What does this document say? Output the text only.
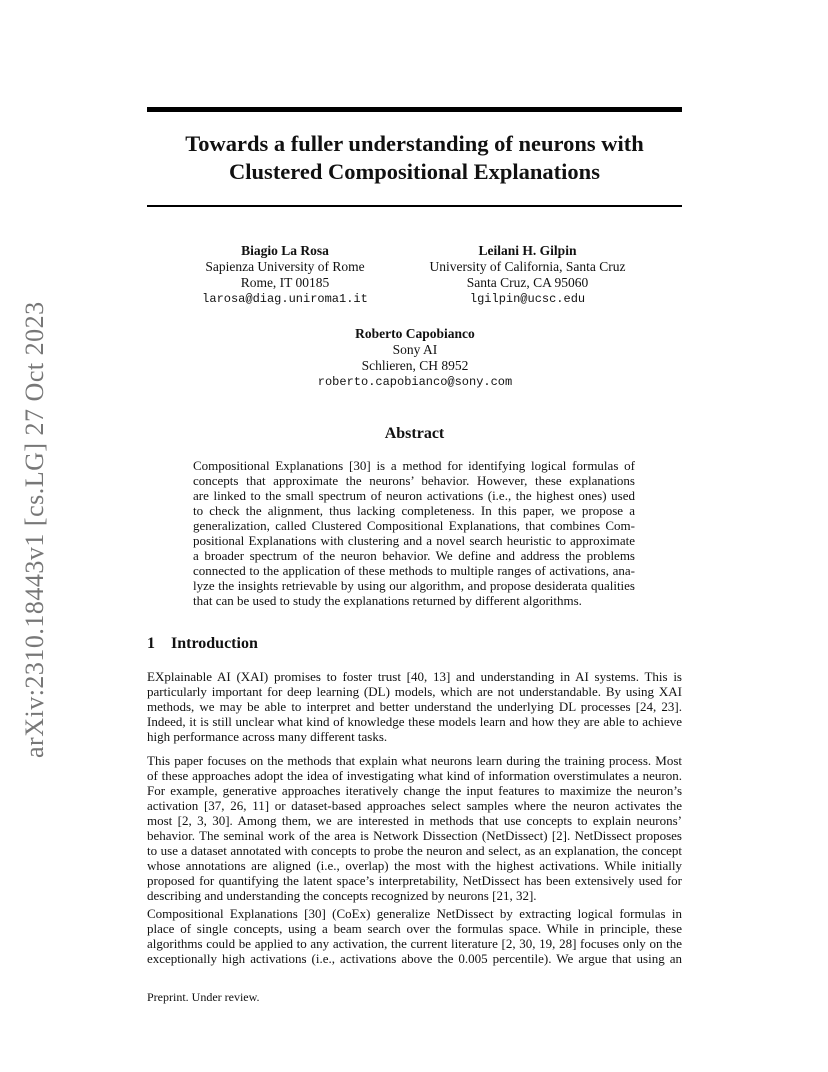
arXiv:2310.18443v1 [cs.LG] 27 Oct 2023
Towards a fuller understanding of neurons with
Clustered Compositional Explanations
Biagio La Rosa
Sapienza University of Rome
Rome, IT 00185
larosa@diag.uniroma1.it
Leilani H. Gilpin
University of California, Santa Cruz
Santa Cruz, CA 95060
lgilpin@ucsc.edu
Roberto Capobianco
Sony AI
Schlieren, CH 8952
roberto.capobianco@sony.com
Abstract
Compositional Explanations [30] is a method for identifying logical formulas of
concepts that approximate the neurons’ behavior. However, these explanations
are linked to the small spectrum of neuron activations (i.e., the highest ones) used
to check the alignment, thus lacking completeness. In this paper, we propose a
generalization, called Clustered Compositional Explanations, that combines Com-
positional Explanations with clustering and a novel search heuristic to approximate
a broader spectrum of the neuron behavior. We define and address the problems
connected to the application of these methods to multiple ranges of activations, ana-
lyze the insights retrievable by using our algorithm, and propose desiderata qualities
that can be used to study the explanations returned by different algorithms.
1 Introduction
EXplainable AI (XAI) promises to foster trust [40, 13] and understanding in AI systems. This is
particularly important for deep learning (DL) models, which are not understandable. By using XAI
methods, we may be able to interpret and better understand the underlying DL processes [24, 23].
Indeed, it is still unclear what kind of knowledge these models learn and how they are able to achieve
high performance across many different tasks.
This paper focuses on the methods that explain what neurons learn during the training process. Most
of these approaches adopt the idea of investigating what kind of information overstimulates a neuron.
For example, generative approaches iteratively change the input features to maximize the neuron’s
activation [37, 26, 11] or dataset-based approaches select samples where the neuron activates the
most [2, 3, 30]. Among them, we are interested in methods that use concepts to explain neurons’
behavior. The seminal work of the area is Network Dissection (NetDissect) [2]. NetDissect proposes
to use a dataset annotated with concepts to probe the neuron and select, as an explanation, the concept
whose annotations are aligned (i.e., overlap) the most with the highest activations. While initially
proposed for quantifying the latent space’s interpretability, NetDissect has been extensively used for
describing and understanding the concepts recognized by neurons [21, 32].
Compositional Explanations [30] (CoEx) generalize NetDissect by extracting logical formulas in
place of single concepts, using a beam search over the formulas space. While in principle, these
algorithms could be applied to any activation, the current literature [2, 30, 19, 28] focuses only on the
exceptionally high activations (i.e., activations above the 0.005 percentile). We argue that using an
Preprint. Under review.
